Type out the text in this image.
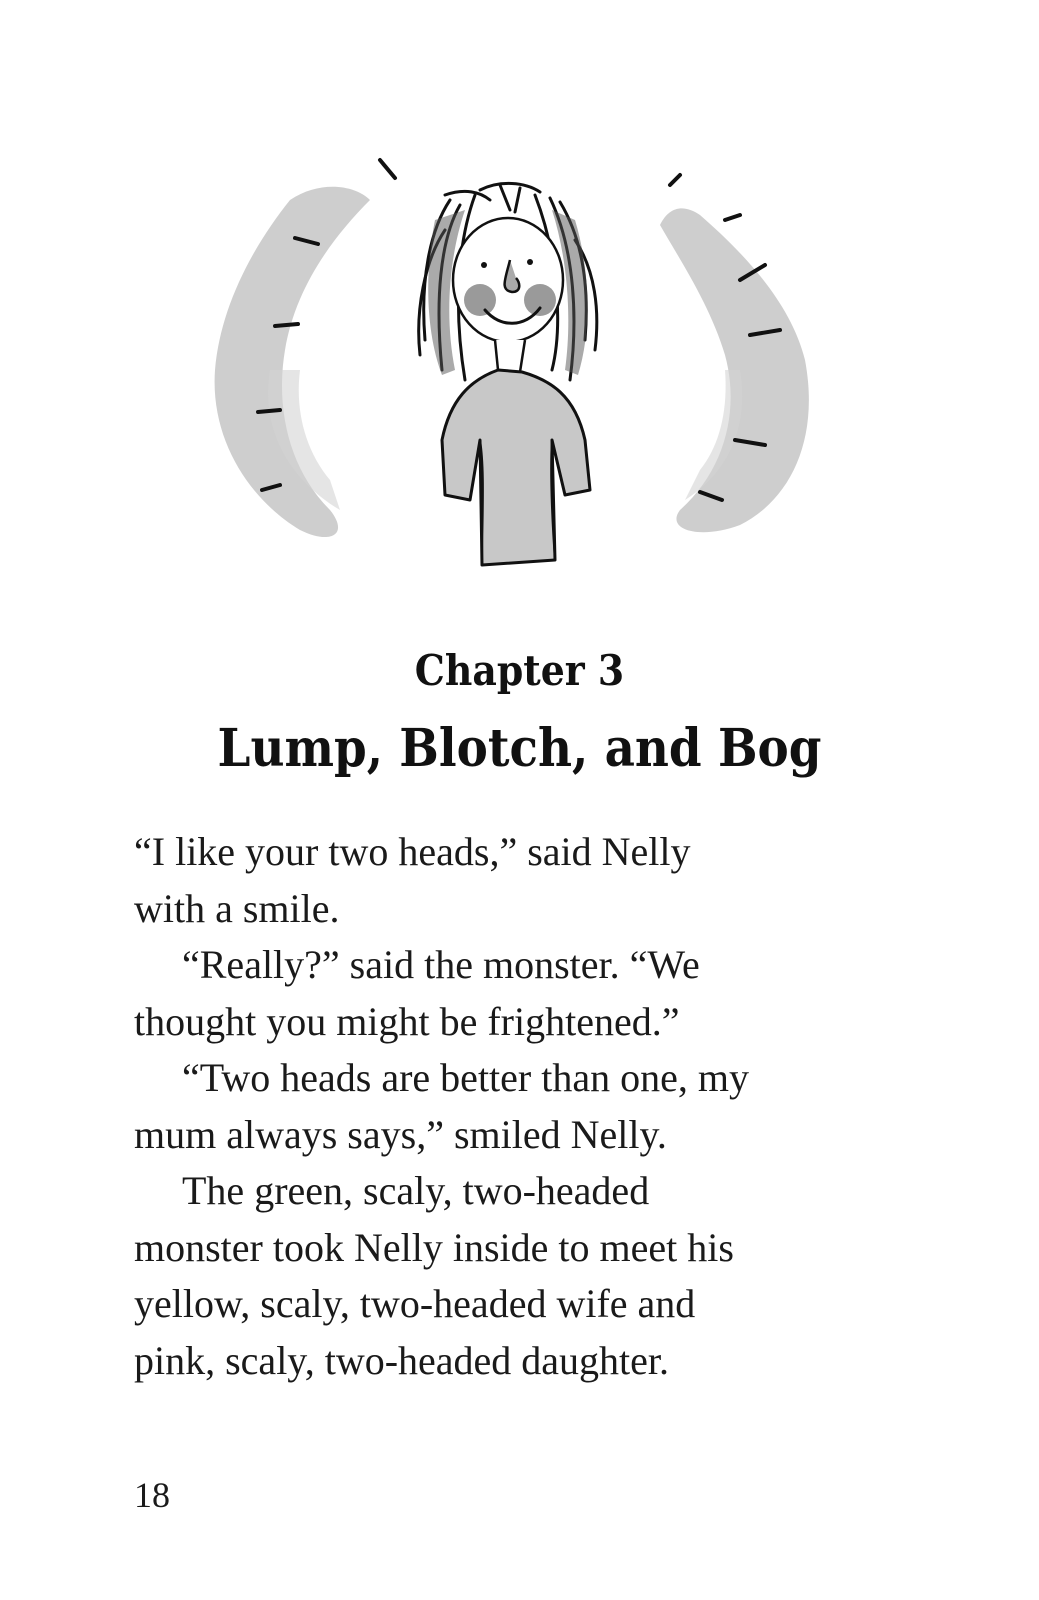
Chapter 3
Lump, Blotch, and Bog

“I like your two heads,” said Nelly

with a smile.

“Really?” said the monster. “We

thought you might be frightened.”

“Two heads are better than one, my

mum always says,” smiled Nelly.

The green, scaly, two-headed

monster took Nelly inside to meet his

yellow, scaly, two-headed wife and

pink, scaly, two-headed daughter.

18
